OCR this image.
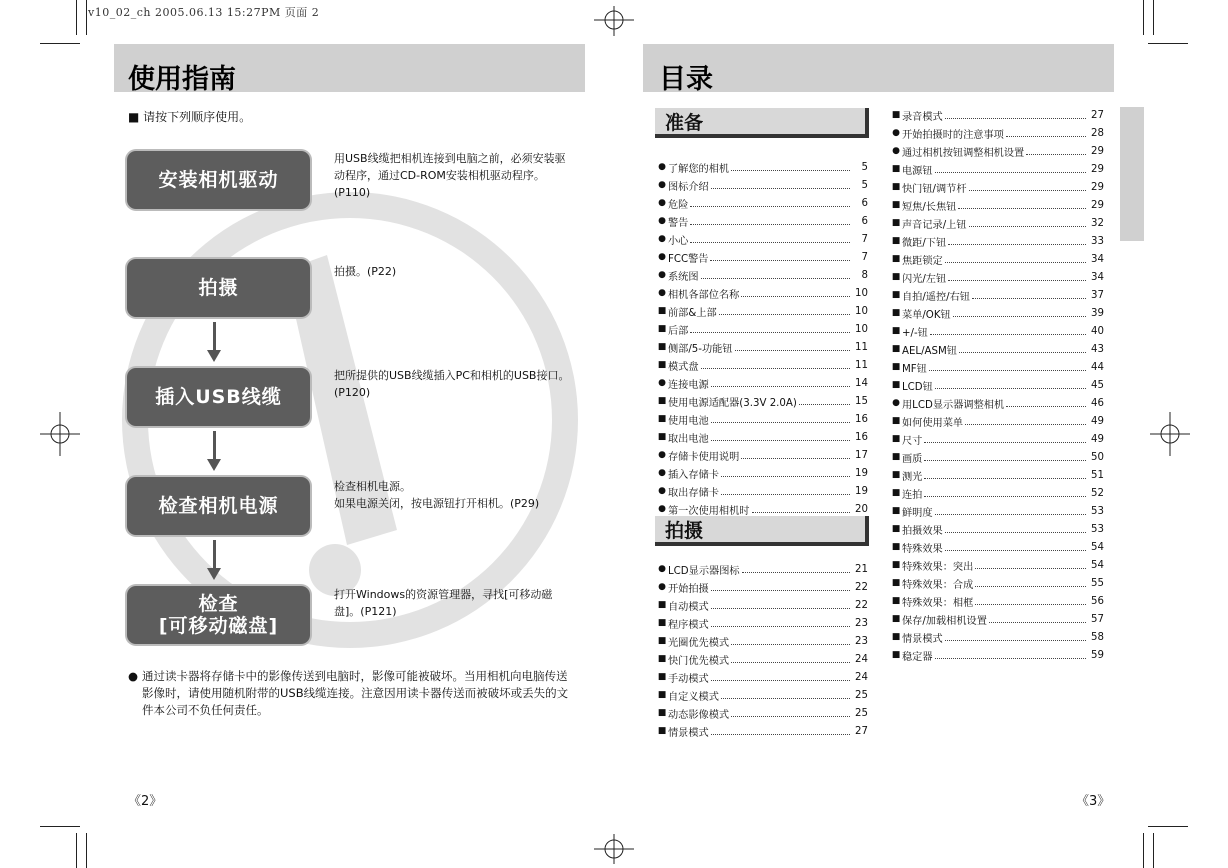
v10_02_ch 2005.06.13 15:27PM 页面 2
使用指南
■ 请按下列顺序使用。
安装相机驱动
用USB线缆把相机连接到电脑之前，必须安装驱动程序，通过CD-ROM安装相机驱动程序。(P110)
拍摄
拍摄。(P22)
插入USB线缆
把所提供的USB线缆插入PC和相机的USB接口。(P120)
检查相机电源
检查相机电源。
如果电源关闭，按电源钮打开相机。(P29)
检查
[可移动磁盘]
打开Windows的资源管理器，寻找[可移动磁盘]。(P121)
● 通过读卡器将存储卡中的影像传送到电脑时，影像可能被破坏。当用相机向电脑传送影像时，请使用随机附带的USB线缆连接。注意因用读卡器传送而被破坏或丢失的文件本公司不负任何责任。
《2》
目录
准备
● 了解您的相机	5
● 图标介绍	5
● 危险	6
● 警告	6
● 小心	7
● FCC警告	7
● 系统图	8
● 相机各部位名称	10
■ 前部&上部	10
■ 后部	10
■ 侧部/5-功能钮	11
■ 模式盘	11
● 连接电源	14
■ 使用电源适配器(3.3V 2.0A)	15
■ 使用电池	16
■ 取出电池	16
● 存储卡使用说明	17
● 插入存储卡	19
● 取出存储卡	19
● 第一次使用相机时	20
拍摄
● LCD显示器图标	21
● 开始拍摄	22
■ 自动模式	22
■ 程序模式	23
■ 光圈优先模式	23
■ 快门优先模式	24
■ 手动模式	24
■ 自定义模式	25
■ 动态影像模式	25
■ 情景模式	27
■ 录音模式	27
● 开始拍摄时的注意事项	28
● 通过相机按钮调整相机设置	29
■ 电源钮	29
■ 快门钮/调节杆	29
■ 短焦/长焦钮	29
■ 声音记录/上钮	32
■ 微距/下钮	33
■ 焦距锁定	34
■ 闪光/左钮	34
■ 自拍/遥控/右钮	37
■ 菜单/OK钮	39
■ +/-钮	40
■ AEL/ASM钮	43
■ MF钮	44
■ LCD钮	45
● 用LCD显示器调整相机	46
■ 如何使用菜单	49
■ 尺寸	49
■ 画质	50
■ 测光	51
■ 连拍	52
■ 鲜明度	53
■ 拍摄效果	53
■ 特殊效果	54
■ 特殊效果：突出	54
■ 特殊效果：合成	55
■ 特殊效果：相框	56
■ 保存/加载相机设置	57
■ 情景模式	58
■ 稳定器	59
《3》
